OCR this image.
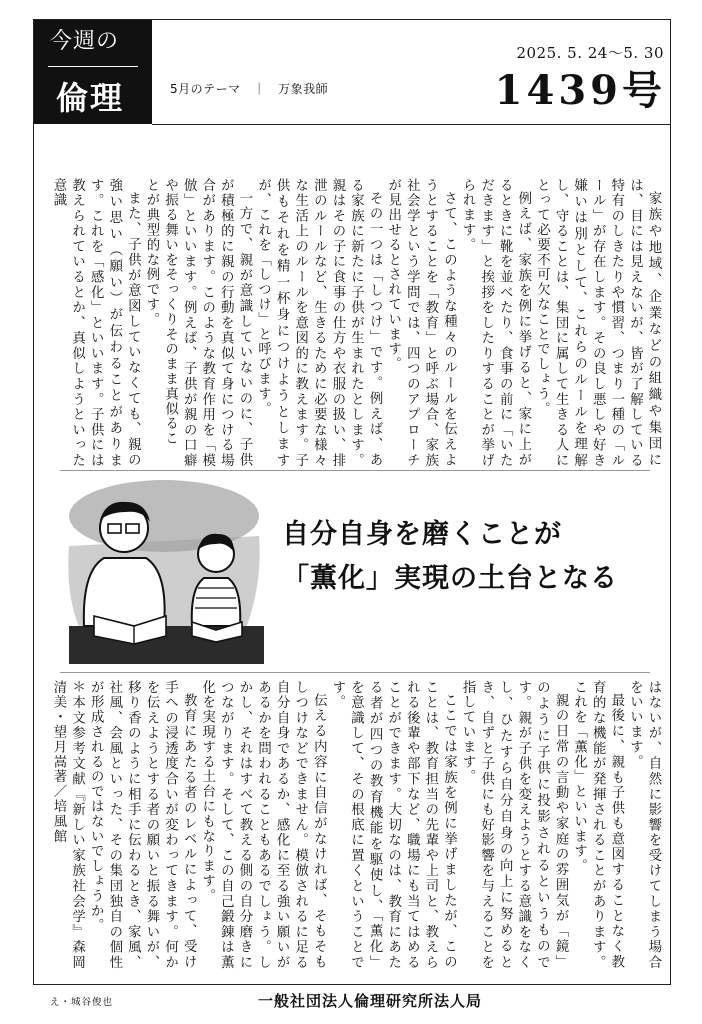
今週の
倫理	5月のテーマ　｜　万象我師
2025. 5. 24〜5. 30
1439号

家族や地域、企業などの組織や集団には、目には見えないが、皆が了解している特有のしきたりや慣習、つまり一種の「ルール」が存在します。その良し悪しや好き嫌いは別として、これらのルールを理解し、守ることは、集団に属して生きる人にとって必要不可欠なことでしょう。

例えば、家族を例に挙げると、家に上がるときに靴を並べたり、食事の前に「いただきます」と挨拶をしたりすることが挙げられます。

さて、このような種々のルールを伝えようとすることを「教育」と呼ぶ場合、家族社会学という学問では、四つのアプローチが見出せるとされています。

その一つは「しつけ」です。例えば、ある家族に新たに子供が生まれたとします。親はその子に食事の仕方や衣服の扱い、排泄のルールなど、生きるために必要な様々な生活上のルールを意図的に教えます。子供もそれを精一杯身につけようとしますが、これを「しつけ」と呼びます。

一方で、親が意識していないのに、子供が積極的に親の行動を真似て身につける場合があります。このような教育作用を「模倣」といいます。例えば、子供が親の口癖や振る舞いをそっくりそのまま真似るこ

とが典型的な例です。

また、子供が意図していなくても、親の強い思い（願い）が伝わることがあります。これを「感化」といいます。子供には教えられているとか、真似しようといった意識

自分自身を磨くことが
「薫化」実現の土台となる

はないが、自然に影響を受けてしまう場合をいいます。

最後に、親も子供も意図することなく教育的な機能が発揮されることがあります。これを「薫化」といいます。

親の日常の言動や家庭の雰囲気が「鏡」のように子供に投影されるというものです。親が子供を変えようとする意識をなくし、ひたすら自分自身の向上に努めるとき、自ずと子供にも好影響を与えることを指しています。

ここでは家族を例に挙げましたが、このことは、教育担当の先輩や上司と、教えられる後輩や部下など、職場にも当てはめることができます。大切なのは、教育にあたる者が四つの教育機能を駆使し、「薫化」を意識して、その根底に置くということです。

伝える内容に自信がなければ、そもそもしつけなどできません。模倣されるに足る自分自身であるか、感化に至る強い願いがあるかを問われることもあるでしょう。しかし、それはすべて教える側の自分磨きにつながります。そして、この自己鍛錬は薫化を実現する土台にもなります。

教育にあたる者のレベルによって、受け手への浸透度合いが変わってきます。何かを伝えようとする者の願いと振る舞いが、移り香のように相手に伝わるとき、家風、社風、会風といった、その集団独自の個性が形成されるのではないでしょうか。

＊本文参考文献『新しい家族社会学』森岡清美・望月嵩著／培風館

え・城谷俊也	一般社団法人倫理研究所法人局
